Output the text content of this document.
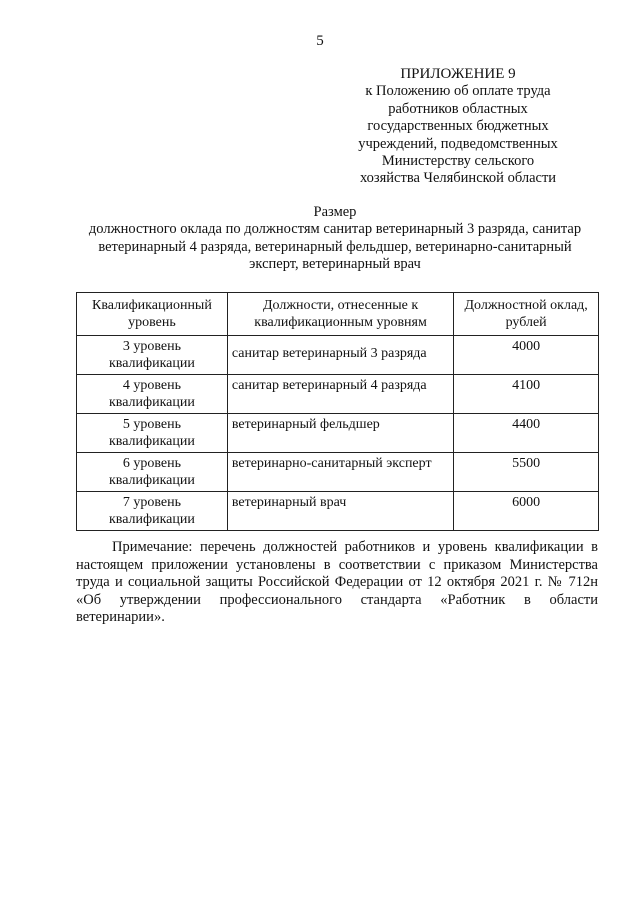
5
ПРИЛОЖЕНИЕ 9
к Положению об оплате труда
работников областных
государственных бюджетных
учреждений, подведомственных
Министерству сельского
хозяйства Челябинской области
Размер
должностного оклада по должностям санитар ветеринарный 3 разряда, санитар
ветеринарный 4 разряда, ветеринарный фельдшер, ветеринарно-санитарный
эксперт, ветеринарный врач
Квалификационный уровень	Должности, отнесенные к квалификационным уровням	Должностной оклад, рублей
3 уровень квалификации	санитар ветеринарный 3 разряда	4000
4 уровень квалификации	санитар ветеринарный 4 разряда	4100
5 уровень квалификации	ветеринарный фельдшер	4400
6 уровень квалификации	ветеринарно-санитарный эксперт	5500
7 уровень квалификации	ветеринарный врач	6000
Примечание: перечень должностей работников и уровень квалификации в настоящем приложении установлены в соответствии с приказом Министерства труда и социальной защиты Российской Федерации от 12 октября 2021 г. № 712н «Об утверждении профессионального стандарта «Работник в области ветеринарии».
